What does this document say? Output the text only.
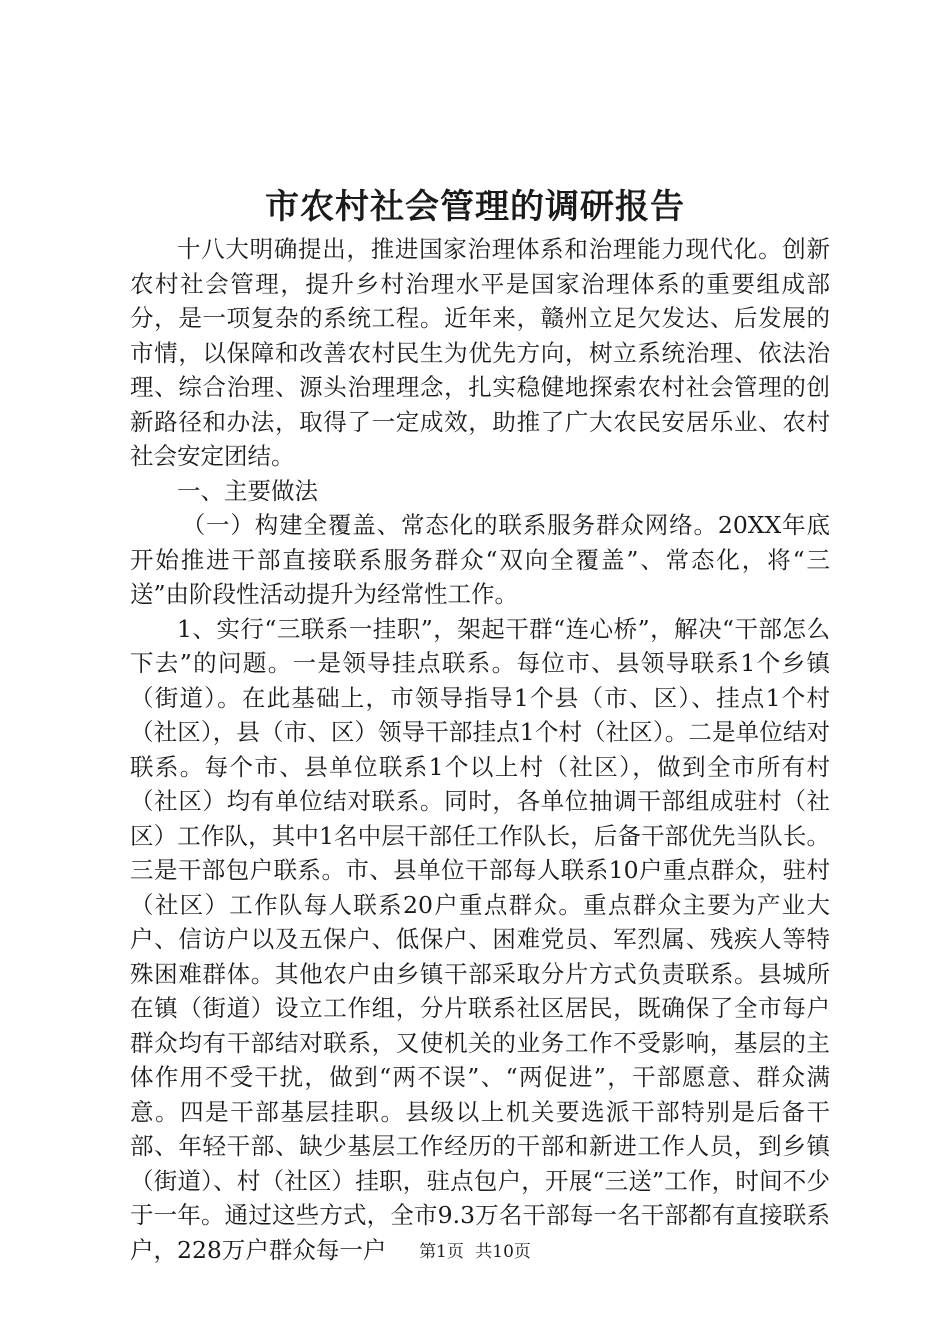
市农村社会管理的调研报告

十八大明确提出，推进国家治理体系和治理能力现代化。创新农村社会管理，提升乡村治理水平是国家治理体系的重要组成部分，是一项复杂的系统工程。近年来，赣州立足欠发达、后发展的市情，以保障和改善农村民生为优先方向，树立系统治理、依法治理、综合治理、源头治理理念，扎实稳健地探索农村社会管理的创新路径和办法，取得了一定成效，助推了广大农民安居乐业、农村社会安定团结。

一、主要做法

（一）构建全覆盖、常态化的联系服务群众网络。20XX年底开始推进干部直接联系服务群众“双向全覆盖”、常态化，将“三送”由阶段性活动提升为经常性工作。

1、实行“三联系一挂职”，架起干群“连心桥”，解决“干部怎么下去”的问题。一是领导挂点联系。每位市、县领导联系1个乡镇（街道）。在此基础上，市领导指导1个县（市、区）、挂点1个村（社区），县（市、区）领导干部挂点1个村（社区）。二是单位结对联系。每个市、县单位联系1个以上村（社区），做到全市所有村（社区）均有单位结对联系。同时，各单位抽调干部组成驻村（社区）工作队，其中1名中层干部任工作队长，后备干部优先当队长。三是干部包户联系。市、县单位干部每人联系10户重点群众，驻村（社区）工作队每人联系20户重点群众。重点群众主要为产业大户、信访户以及五保户、低保户、困难党员、军烈属、残疾人等特殊困难群体。其他农户由乡镇干部采取分片方式负责联系。县城所在镇（街道）设立工作组，分片联系社区居民，既确保了全市每户群众均有干部结对联系，又使机关的业务工作不受影响，基层的主体作用不受干扰，做到“两不误”、“两促进”，干部愿意、群众满意。四是干部基层挂职。县级以上机关要选派干部特别是后备干部、年轻干部、缺少基层工作经历的干部和新进工作人员，到乡镇（街道）、村（社区）挂职，驻点包户，开展“三送”工作，时间不少于一年。通过这些方式，全市9.3万名干部每一名干部都有直接联系户，228万户群众每一户	第1页 共10页
